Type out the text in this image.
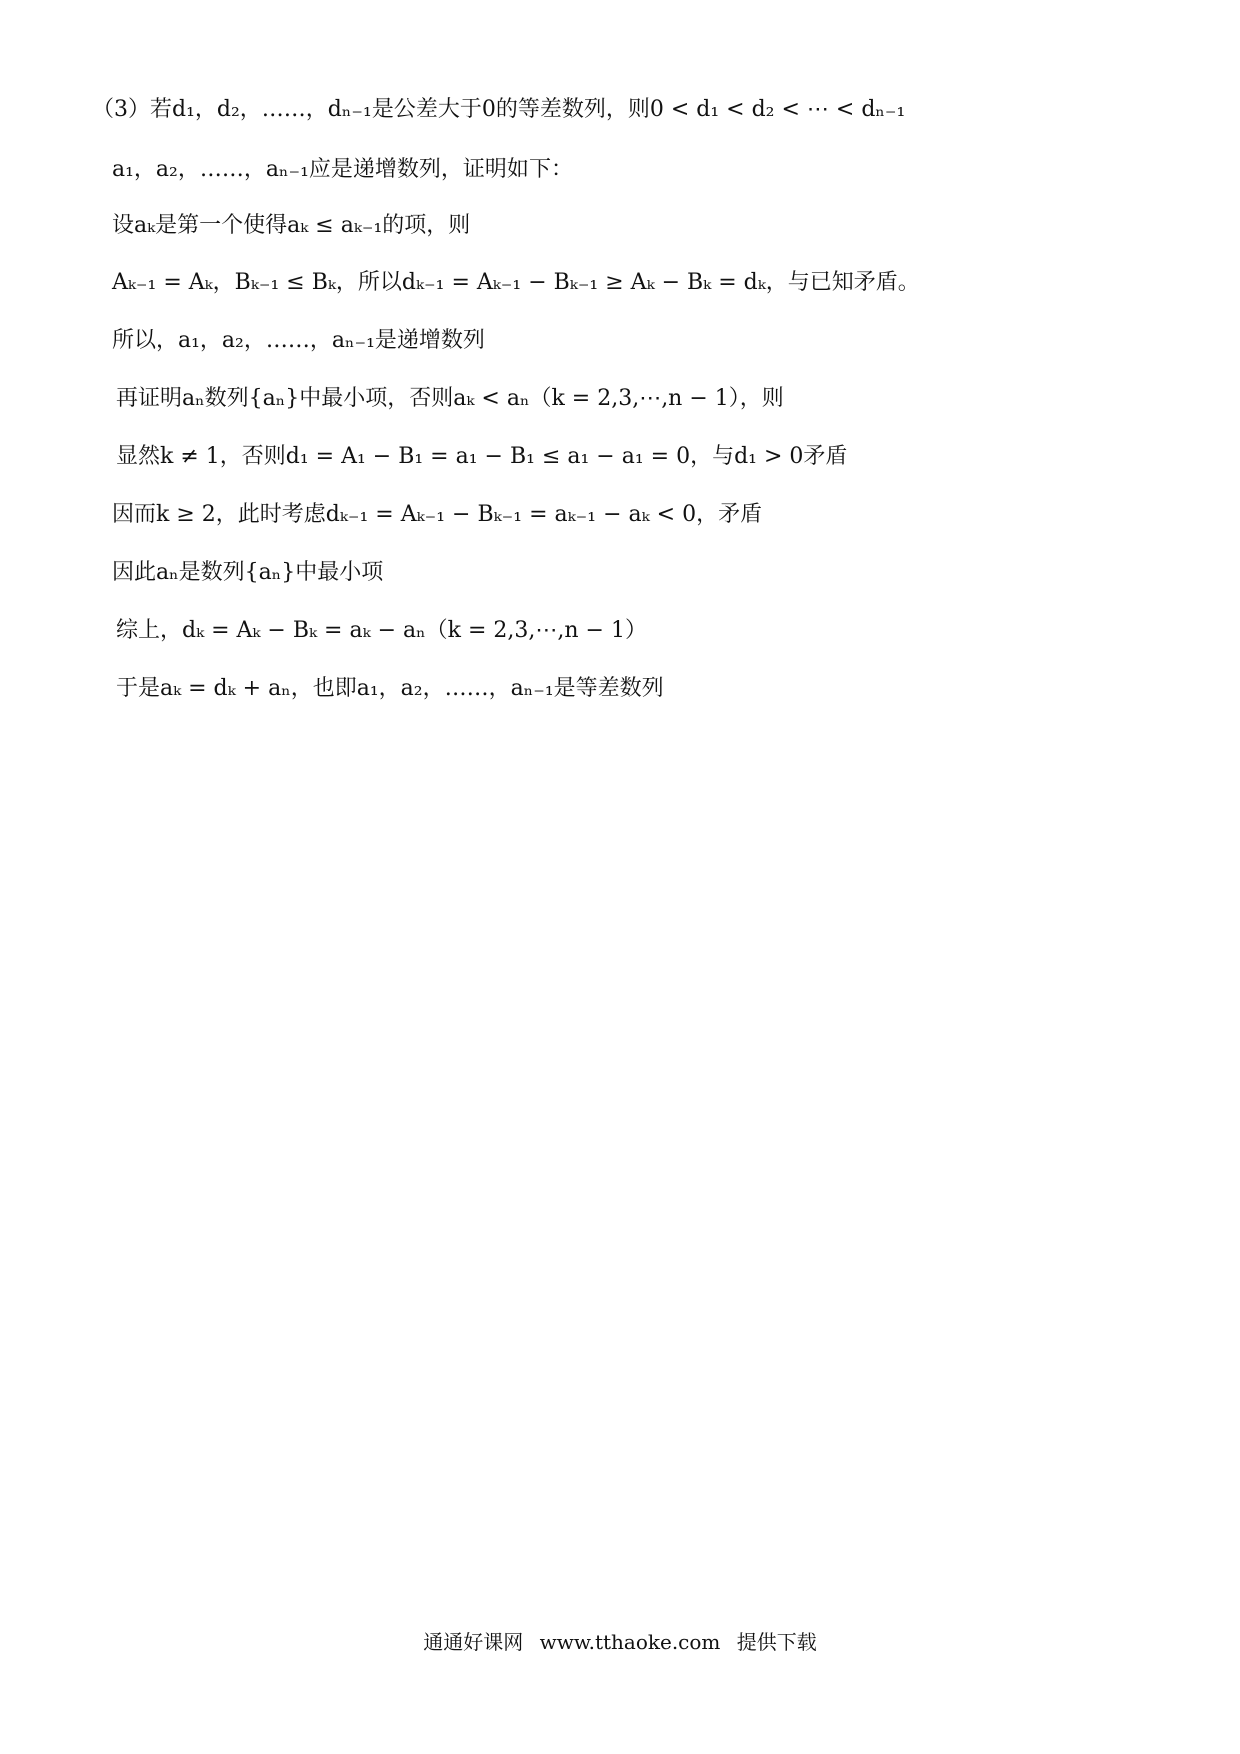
（3）若d₁，d₂，……，dₙ₋₁是公差大于0的等差数列，则0 < d₁ < d₂ < ⋯ < dₙ₋₁
a₁，a₂，……，aₙ₋₁应是递增数列，证明如下：
设aₖ是第一个使得aₖ ≤ aₖ₋₁的项，则
Aₖ₋₁ = Aₖ，Bₖ₋₁ ≤ Bₖ，所以dₖ₋₁ = Aₖ₋₁ − Bₖ₋₁ ≥ Aₖ − Bₖ = dₖ，与已知矛盾。
所以，a₁，a₂，……，aₙ₋₁是递增数列
再证明aₙ数列{aₙ}中最小项，否则aₖ < aₙ（k = 2,3,⋯,n − 1），则
显然k ≠ 1，否则d₁ = A₁ − B₁ = a₁ − B₁ ≤ a₁ − a₁ = 0，与d₁ > 0矛盾
因而k ≥ 2，此时考虑dₖ₋₁ = Aₖ₋₁ − Bₖ₋₁ = aₖ₋₁ − aₖ < 0，矛盾
因此aₙ是数列{aₙ}中最小项
综上，dₖ = Aₖ − Bₖ = aₖ − aₙ（k = 2,3,⋯,n − 1）
于是aₖ = dₖ + aₙ，也即a₁，a₂，……，aₙ₋₁是等差数列
通通好课网 www.tthaoke.com 提供下载
